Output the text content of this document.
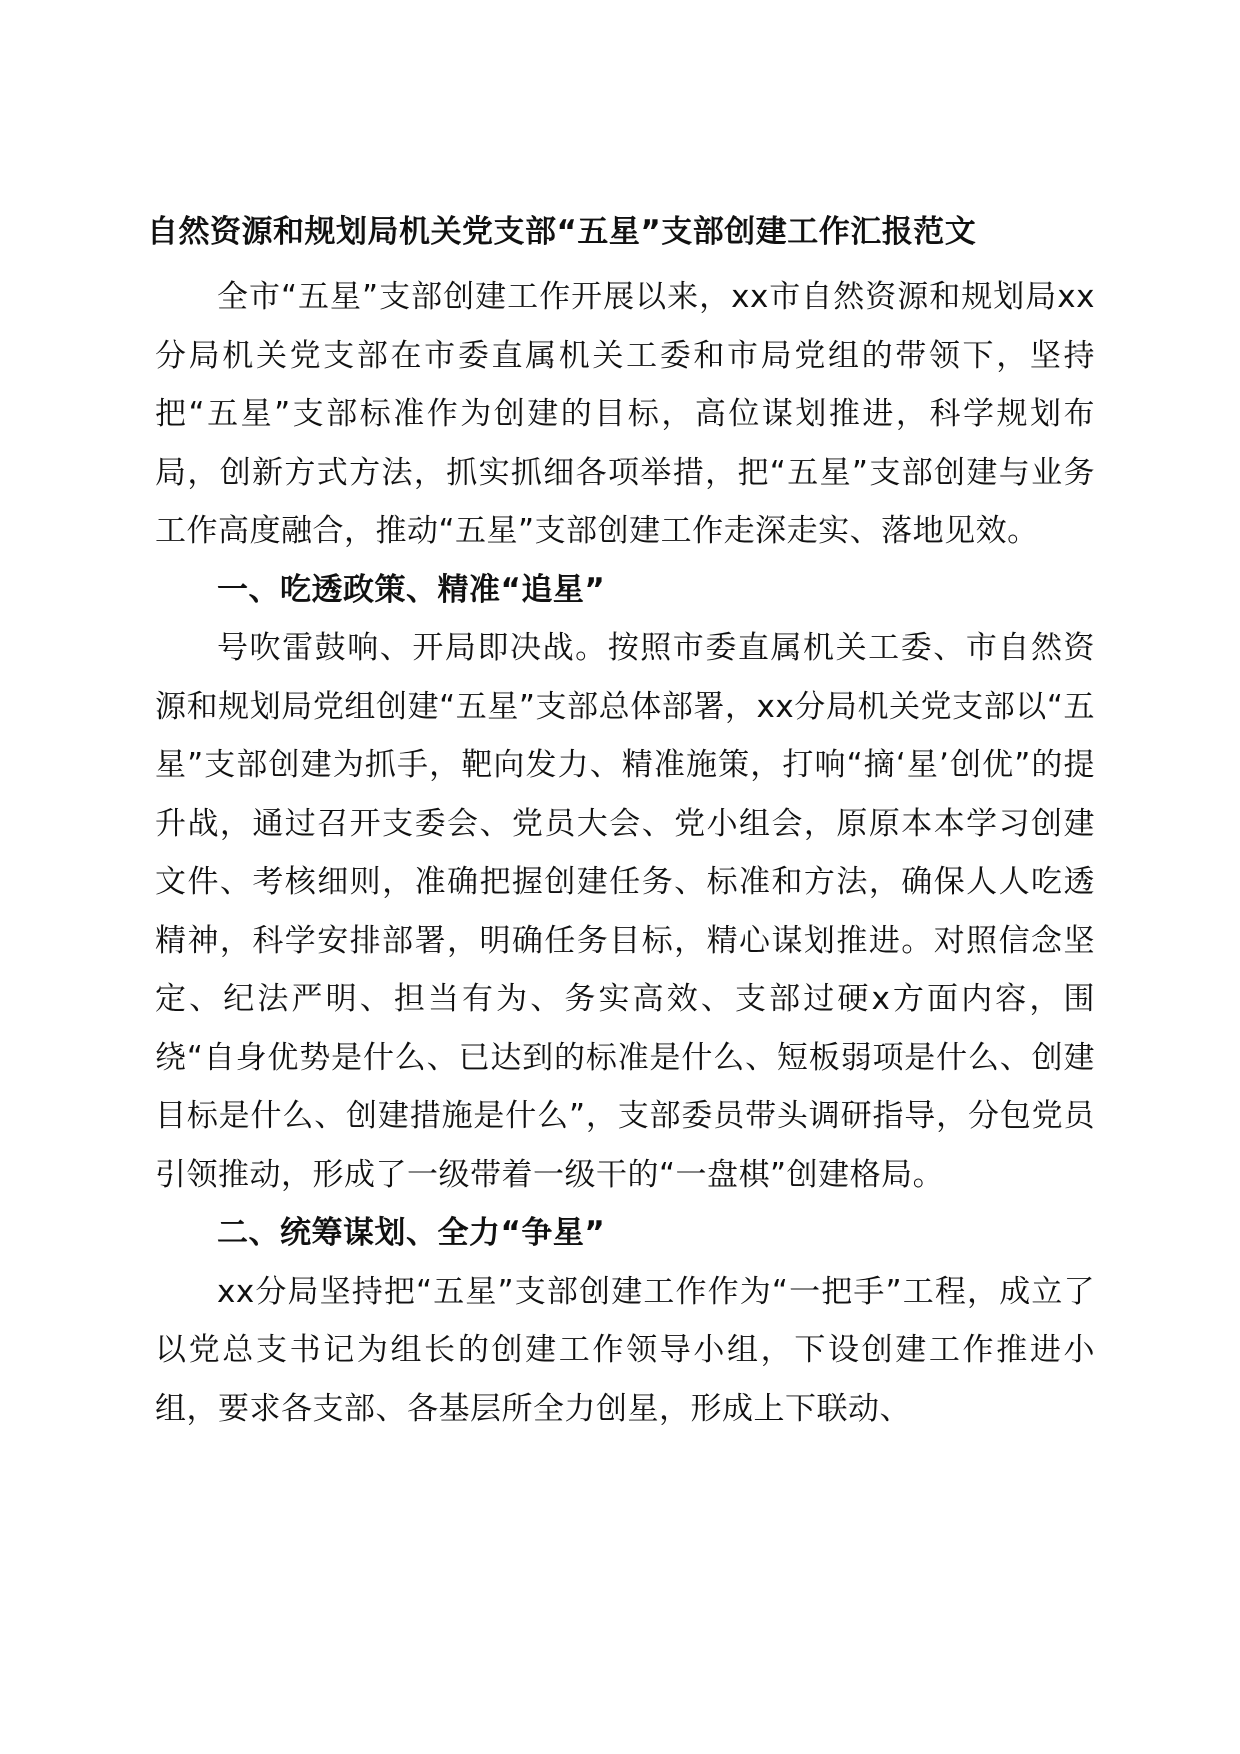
自然资源和规划局机关党支部“五星”支部创建工作汇报范文

全市“五星”支部创建工作开展以来，xx市自然资源和规划局xx分局机关党支部在市委直属机关工委和市局党组的带领下，坚持把“五星”支部标准作为创建的目标，高位谋划推进，科学规划布局，创新方式方法，抓实抓细各项举措，把“五星”支部创建与业务工作高度融合，推动“五星”支部创建工作走深走实、落地见效。

一、吃透政策、精准“追星”

号吹雷鼓响、开局即决战。按照市委直属机关工委、市自然资源和规划局党组创建“五星”支部总体部署，xx分局机关党支部以“五星”支部创建为抓手，靶向发力、精准施策，打响“摘‘星’创优”的提升战，通过召开支委会、党员大会、党小组会，原原本本学习创建文件、考核细则，准确把握创建任务、标准和方法，确保人人吃透精神，科学安排部署，明确任务目标，精心谋划推进。对照信念坚定、纪法严明、担当有为、务实高效、支部过硬x方面内容，围绕“自身优势是什么、已达到的标准是什么、短板弱项是什么、创建目标是什么、创建措施是什么”，支部委员带头调研指导，分包党员引领推动，形成了一级带着一级干的“一盘棋”创建格局。

二、统筹谋划、全力“争星”

xx分局坚持把“五星”支部创建工作作为“一把手”工程，成立了以党总支书记为组长的创建工作领导小组，下设创建工作推进小组，要求各支部、各基层所全力创星，形成上下联动、
